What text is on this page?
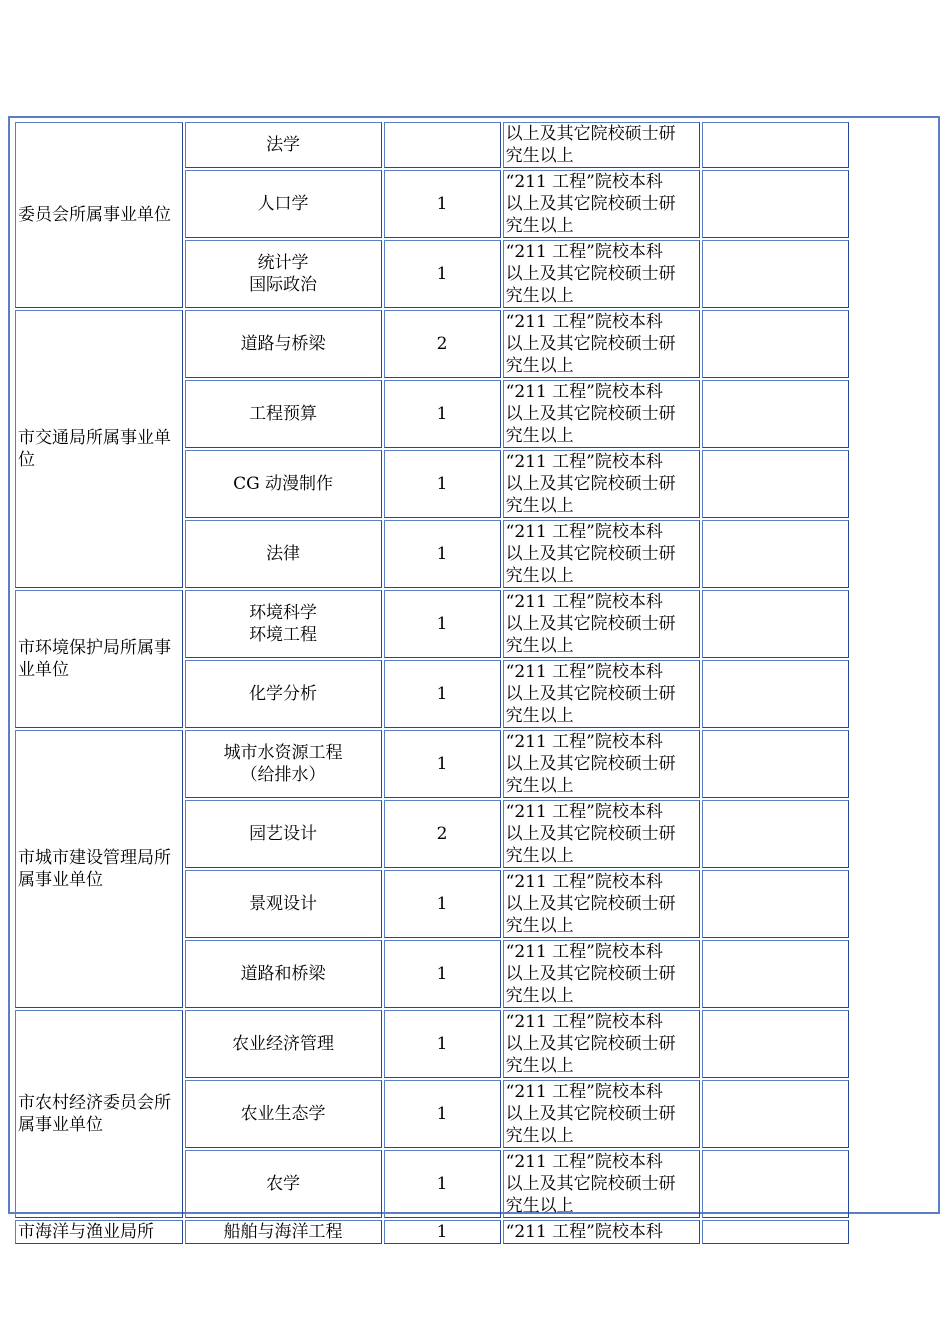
委员会所属事业单位	法学		以上及其它院校硕士研
究生以上	

	人口学	1	“211 工程”院校本科
以上及其它院校硕士研
究生以上	

	统计学
国际政治	1	“211 工程”院校本科
以上及其它院校硕士研
究生以上	

市交通局所属事业单位	道路与桥梁	2	“211 工程”院校本科
以上及其它院校硕士研
究生以上	

	工程预算	1	“211 工程”院校本科
以上及其它院校硕士研
究生以上	

	CG 动漫制作	1	“211 工程”院校本科
以上及其它院校硕士研
究生以上	

	法律	1	“211 工程”院校本科
以上及其它院校硕士研
究生以上	

市环境保护局所属事业单位	环境科学
环境工程	1	“211 工程”院校本科
以上及其它院校硕士研
究生以上	

	化学分析	1	“211 工程”院校本科
以上及其它院校硕士研
究生以上	

市城市建设管理局所属事业单位	城市水资源工程
（给排水）	1	“211 工程”院校本科
以上及其它院校硕士研
究生以上	

	园艺设计	2	“211 工程”院校本科
以上及其它院校硕士研
究生以上	

	景观设计	1	“211 工程”院校本科
以上及其它院校硕士研
究生以上	

	道路和桥梁	1	“211 工程”院校本科
以上及其它院校硕士研
究生以上	

市农村经济委员会所属事业单位	农业经济管理	1	“211 工程”院校本科
以上及其它院校硕士研
究生以上	

	农业生态学	1	“211 工程”院校本科
以上及其它院校硕士研
究生以上	

	农学	1	“211 工程”院校本科
以上及其它院校硕士研
究生以上	

市海洋与渔业局所	船舶与海洋工程	1	“211 工程”院校本科	
